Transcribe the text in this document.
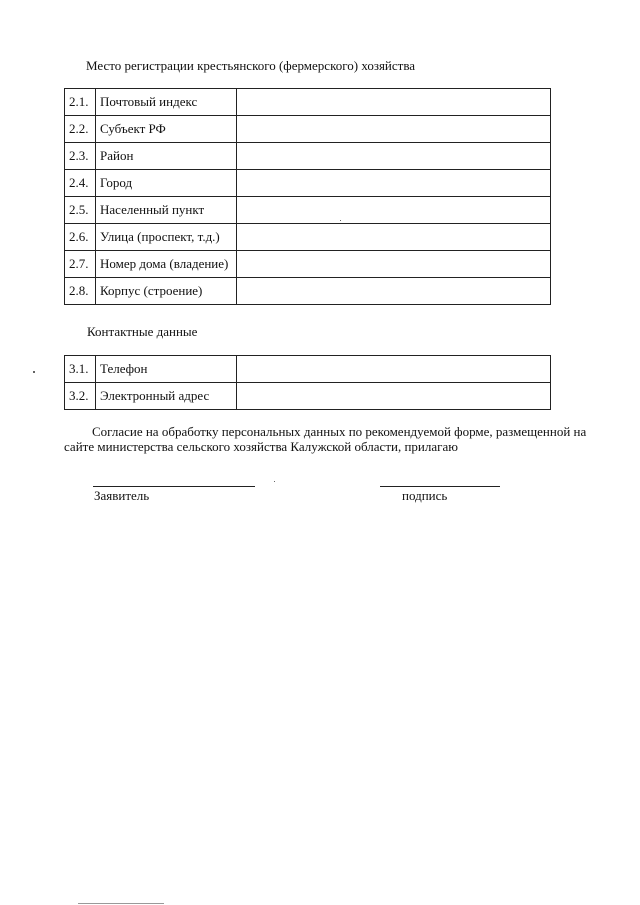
Место регистрации крестьянского (фермерского) хозяйства
2.1.	Почтовый индекс	
2.2.	Субъект РФ	
2.3.	Район	
2.4.	Город	
2.5.	Населенный пункт	
2.6.	Улица (проспект, т.д.)	
2.7.	Номер дома (владение)	
2.8.	Корпус (строение)	
Контактные данные
3.1.	Телефон	
3.2.	Электронный адрес	
Согласие на обработку персональных данных по рекомендуемой форме, размещенной на сайте министерства сельского хозяйства Калужской области, прилагаю
Заявитель	подпись
